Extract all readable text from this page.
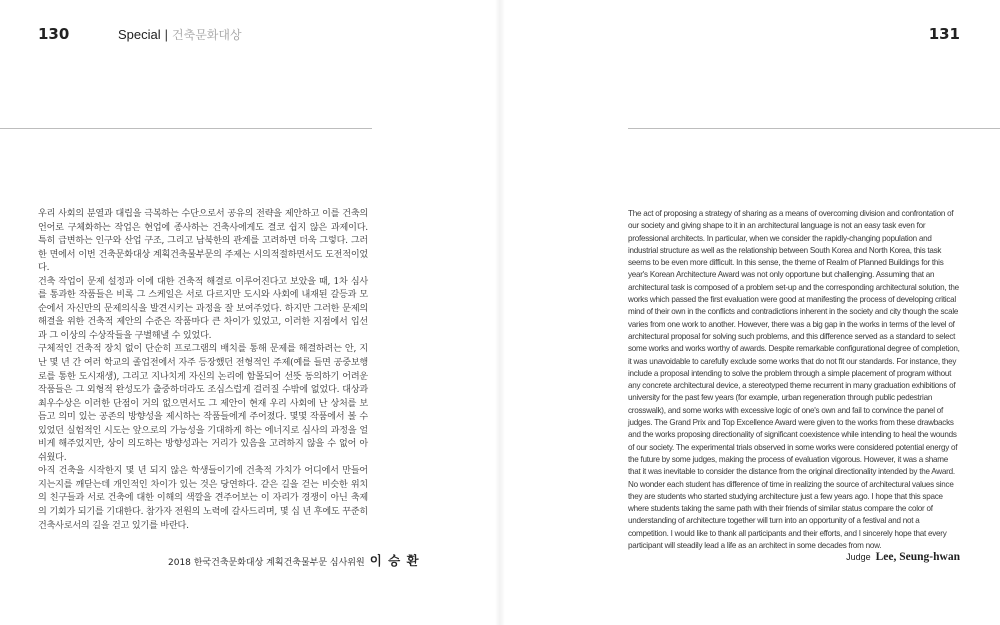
130	Special | 건축문화대상	131

우리 사회의 분열과 대립을 극복하는 수단으로서 공유의 전략을 제안하고 이를 건축의 언어로 구체화하는 작업은 현업에 종사하는 건축사에게도 결코 쉽지 않은 과제이다. 특히 급변하는 인구와 산업 구조, 그리고 남북한의 관계를 고려하면 더욱 그렇다. 그러한 면에서 이번 건축문화대상 계획건축물부문의 주제는 시의적절하면서도 도전적이었다.

건축 작업이 문제 설정과 이에 대한 건축적 해결로 이루어진다고 보았을 때, 1차 심사를 통과한 작품들은 비록 그 스케일은 서로 다르지만 도시와 사회에 내재된 갈등과 모순에서 자신만의 문제의식을 발견시키는 과정을 잘 보여주었다. 하지만 그러한 문제의 해결을 위한 건축적 제안의 수준은 작품마다 큰 차이가 있었고, 이러한 지점에서 입선과 그 이상의 수상작들을 구별해낼 수 있었다.

구체적인 건축적 장치 없이 단순히 프로그램의 배치를 통해 문제를 해결하려는 안, 지난 몇 년 간 여러 학교의 졸업전에서 자주 등장했던 전형적인 주제(예를 들면 공중보행로를 통한 도시재생), 그리고 지나치게 자신의 논리에 함몰되어 선뜻 동의하기 어려운 작품들은 그 외형적 완성도가 출중하더라도 조심스럽게 걸러질 수밖에 없었다. 대상과 최우수상은 이러한 단점이 거의 없으면서도 그 제안이 현재 우리 사회에 난 상처를 보듬고 의미 있는 공존의 방향성을 제시하는 작품들에게 주어졌다. 몇몇 작품에서 볼 수 있었던 실험적인 시도는 앞으로의 가능성을 기대하게 하는 에너지로 심사의 과정을 얼비게 해주었지만, 상이 의도하는 방향성과는 거리가 있음을 고려하지 않을 수 없어 아쉬웠다.

아직 건축을 시작한지 몇 년 되지 않은 학생들이기에 건축적 가치가 어디에서 만들어지는지를 깨닫는데 개인적인 차이가 있는 것은 당연하다. 같은 길을 걷는 비슷한 위치의 친구들과 서로 건축에 대한 이해의 색깔을 견주어보는 이 자리가 경쟁이 아닌 축제의 기회가 되기를 기대한다. 참가자 전원의 노력에 갈사드리며, 몇 십 년 후에도 꾸준히 건축사로서의 길을 걷고 있기를 바란다.

The act of proposing a strategy of sharing as a means of overcoming division and confrontation of our society and giving shape to it in an architectural language is not an easy task even for professional architects. In particular, when we consider the rapidly-changing population and industrial structure as well as the relationship between South Korea and North Korea, this task seems to be even more difficult. In this sense, the theme of Realm of Planned Buildings for this year's Korean Architecture Award was not only opportune but challenging. Assuming that an architectural task is composed of a problem set-up and the corresponding architectural solution, the works which passed the first evaluation were good at manifesting the process of developing critical mind of their own in the conflicts and contradictions inherent in the society and city though the scale varies from one work to another. However, there was a big gap in the works in terms of the level of architectural proposal for solving such problems, and this difference served as a standard to select some works and works worthy of awards. Despite remarkable configurational degree of completion, it was unavoidable to carefully exclude some works that do not fit our standards. For instance, they include a proposal intending to solve the problem through a simple placement of program without any concrete architectural device, a stereotyped theme recurrent in many graduation exhibitions of university for the past few years (for example, urban regeneration through public pedestrian crosswalk), and some works with excessive logic of one's own and fail to convince the panel of judges. The Grand Prix and Top Excellence Award were given to the works from these drawbacks and the works proposing directionality of significant coexistence while intending to heal the wounds of our society. The experimental trials observed in some works were considered potential energy of the future by some judges, making the process of evaluation vigorous. However, it was a shame that it was inevitable to consider the distance from the original directionality intended by the Award. No wonder each student has difference of time in realizing the source of architectural values since they are students who started studying architecture just a few years ago. I hope that this space where students taking the same path with their friends of similar status compare the color of understanding of architecture together will turn into an opportunity of a festival and not a competition. I would like to thank all participants and their efforts, and I sincerely hope that every participant will steadily lead a life as an architect in some decades from now.

2018 한국건축문화대상 계획건축물부문 심사위원 이 승 환	Judge Lee, Seung-hwan
